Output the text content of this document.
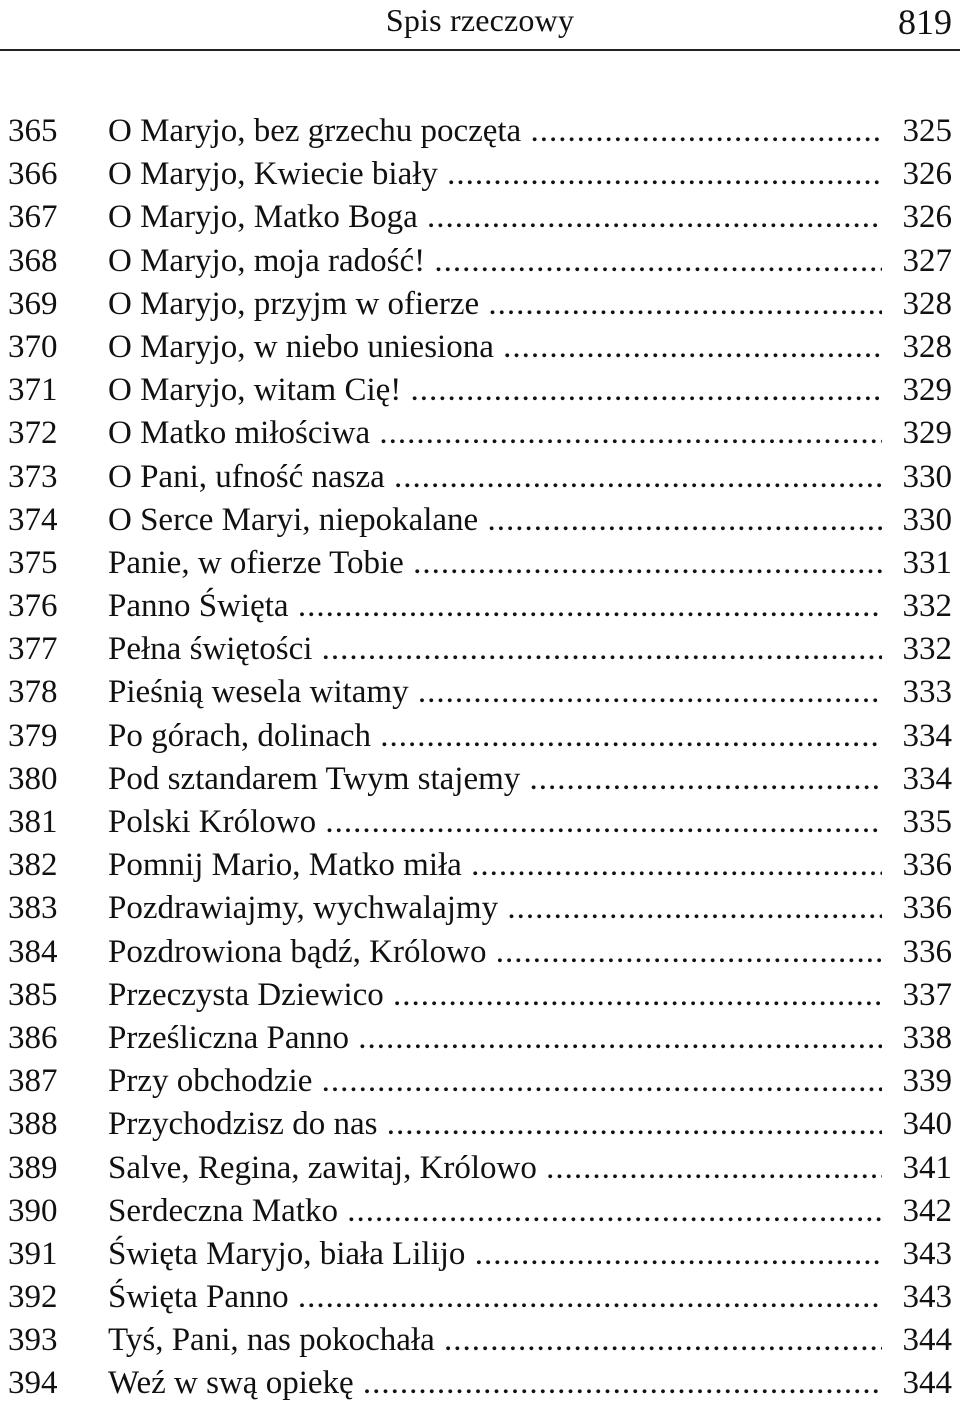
Spis rzeczowy	819
365	O Maryjo, bez grzechu poczęta .....	325
366	O Maryjo, Kwiecie biały .....	326
367	O Maryjo, Matko Boga .....	326
368	O Maryjo, moja radość! .....	327
369	O Maryjo, przyjm w ofierze .....	328
370	O Maryjo, w niebo uniesiona .....	328
371	O Maryjo, witam Cię! .....	329
372	O Matko miłościwa .....	329
373	O Pani, ufność nasza .....	330
374	O Serce Maryi, niepokalane .....	330
375	Panie, w ofierze Tobie .....	331
376	Panno Święta .....	332
377	Pełna świętości .....	332
378	Pieśnią wesela witamy .....	333
379	Po górach, dolinach .....	334
380	Pod sztandarem Twym stajemy .....	334
381	Polski Królowo .....	335
382	Pomnij Mario, Matko miła .....	336
383	Pozdrawiajmy, wychwalajmy .....	336
384	Pozdrowiona bądź, Królowo .....	336
385	Przeczysta Dziewico .....	337
386	Prześliczna Panno .....	338
387	Przy obchodzie .....	339
388	Przychodzisz do nas .....	340
389	Salve, Regina, zawitaj, Królowo .....	341
390	Serdeczna Matko .....	342
391	Święta Maryjo, biała Lilijo .....	343
392	Święta Panno .....	343
393	Tyś, Pani, nas pokochała .....	344
394	Weź w swą opiekę .....	344
